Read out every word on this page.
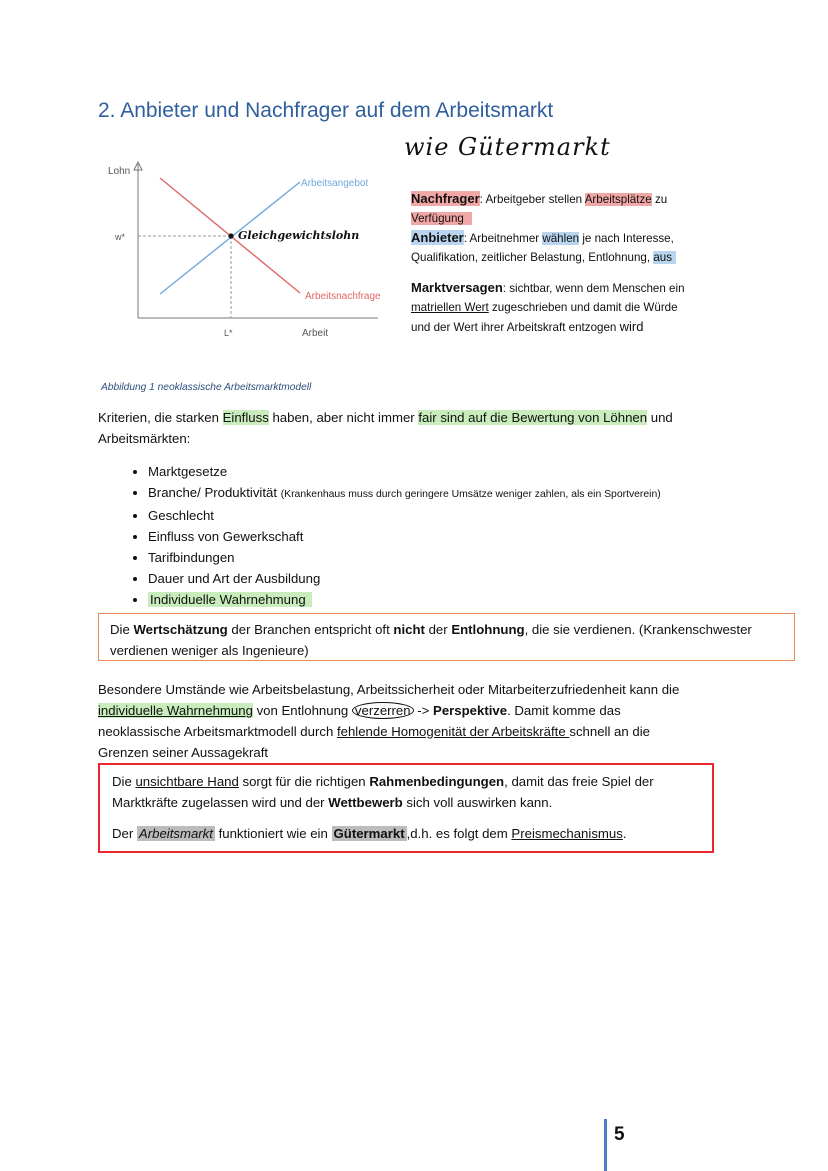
2. Anbieter und Nachfrager auf dem Arbeitsmarkt
wie Gütermarkt
Lohn
w*
L*	Arbeit
Arbeitsangebot
Arbeitsnachfrage
Gleichgewichtslohn
Nachfrager: Arbeitgeber stellen Arbeitsplätze zu
Verfügung
Anbieter: Arbeitnehmer wählen je nach Interesse,
Qualifikation, zeitlicher Belastung, Entlohnung, aus
Marktversagen: sichtbar, wenn dem Menschen ein
matriellen Wert zugeschrieben und damit die Würde
und der Wert ihrer Arbeitskraft entzogen wird
Abbildung 1 neoklassische Arbeitsmarktmodell
Kriterien, die starken Einfluss haben, aber nicht immer fair sind auf die Bewertung von Löhnen und
Arbeitsmärkten:
• Marktgesetze
• Branche/ Produktivität (Krankenhaus muss durch geringere Umsätze weniger zahlen, als ein Sportverein)
• Geschlecht
• Einfluss von Gewerkschaft
• Tarifbindungen
• Dauer und Art der Ausbildung
• Individuelle Wahrnehmung
Die Wertschätzung der Branchen entspricht oft nicht der Entlohnung, die sie verdienen. (Krankenschwester
verdienen weniger als Ingenieure)
Besondere Umstände wie Arbeitsbelastung, Arbeitssicherheit oder Mitarbeiterzufriedenheit kann die
individuelle Wahrnehmung von Entlohnung verzerren -> Perspektive. Damit komme das
neoklassische Arbeitsmarktmodell durch fehlende Homogenität der Arbeitskräfte schnell an die
Grenzen seiner Aussagekraft
Die unsichtbare Hand sorgt für die richtigen Rahmenbedingungen, damit das freie Spiel der
Marktkräfte zugelassen wird und der Wettbewerb sich voll auswirken kann.
Der Arbeitsmarkt funktioniert wie ein Gütermarkt ,d.h. es folgt dem Preismechanismus.
5
